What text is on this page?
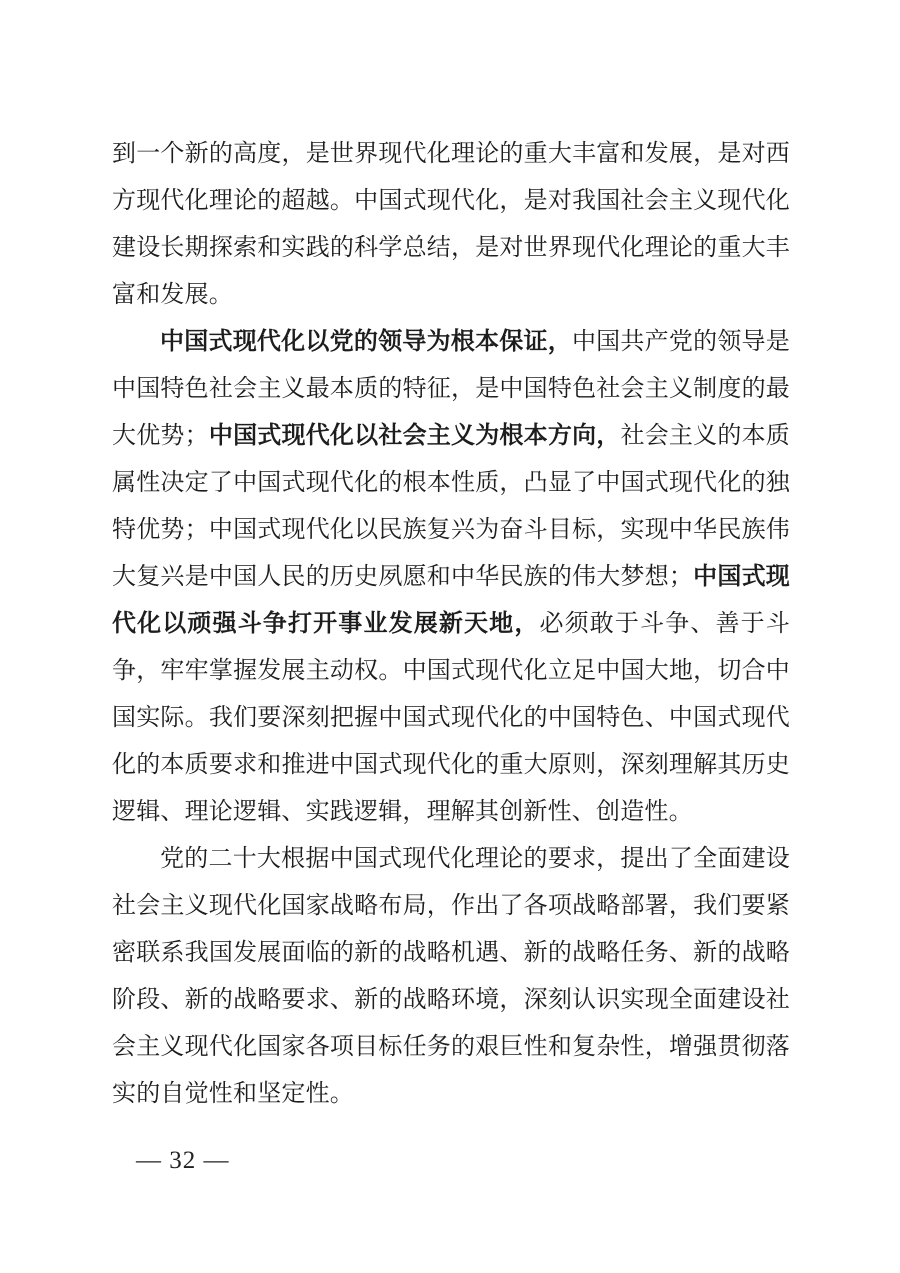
到一个新的高度，是世界现代化理论的重大丰富和发展，是对西方现代化理论的超越。中国式现代化，是对我国社会主义现代化建设长期探索和实践的科学总结，是对世界现代化理论的重大丰富和发展。

中国式现代化以党的领导为根本保证，中国共产党的领导是中国特色社会主义最本质的特征，是中国特色社会主义制度的最大优势；中国式现代化以社会主义为根本方向，社会主义的本质属性决定了中国式现代化的根本性质，凸显了中国式现代化的独特优势；中国式现代化以民族复兴为奋斗目标，实现中华民族伟大复兴是中国人民的历史夙愿和中华民族的伟大梦想；中国式现代化以顽强斗争打开事业发展新天地，必须敢于斗争、善于斗争，牢牢掌握发展主动权。中国式现代化立足中国大地，切合中国实际。我们要深刻把握中国式现代化的中国特色、中国式现代化的本质要求和推进中国式现代化的重大原则，深刻理解其历史逻辑、理论逻辑、实践逻辑，理解其创新性、创造性。

党的二十大根据中国式现代化理论的要求，提出了全面建设社会主义现代化国家战略布局，作出了各项战略部署，我们要紧密联系我国发展面临的新的战略机遇、新的战略任务、新的战略阶段、新的战略要求、新的战略环境，深刻认识实现全面建设社会主义现代化国家各项目标任务的艰巨性和复杂性，增强贯彻落实的自觉性和坚定性。

— 32 —
